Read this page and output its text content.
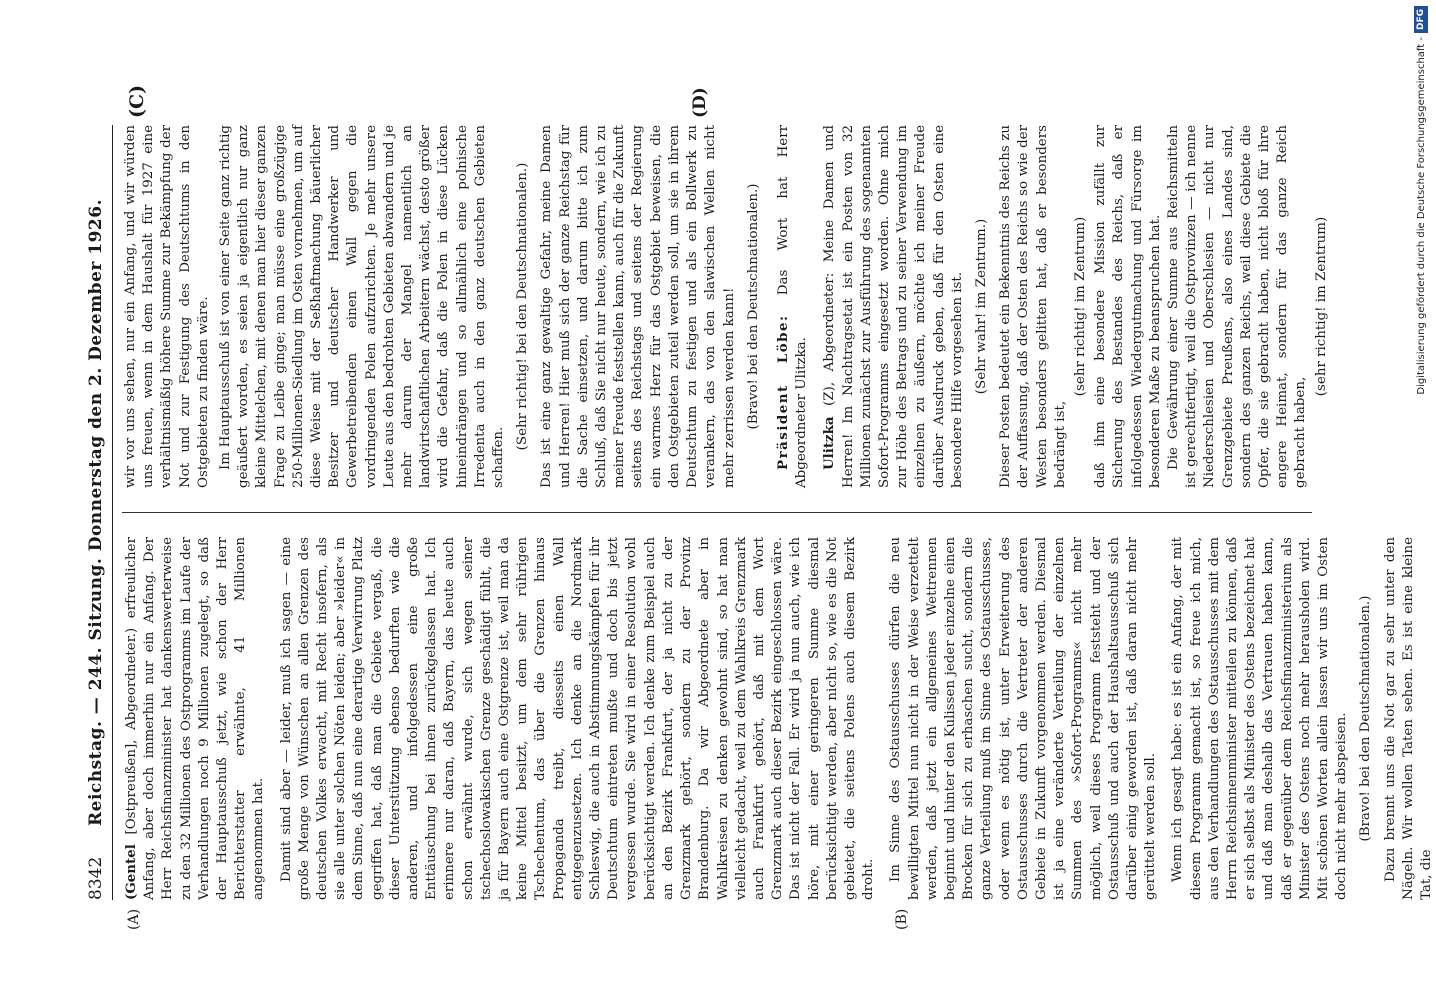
8342
Reichstag. — 244. Sitzung. Donnerstag den 2. Dezember 1926.
(A)	(B)
(C)	(D)

(Gentel [Ostpreußen], Abgeordneter.) erfreulicher Anfang, aber doch immerhin nur ein Anfang. Der Herr Reichsfinanzminister hat dankenswerterweise zu den 32 Millionen des Ostprogramms im Laufe der Verhandlungen noch 9 Millionen zugelegt, so daß der Hauptausschuß jetzt, wie schon der Herr Berichterstatter erwähnte, 41 Millionen angenommen hat. Damit sind aber — leider, muß ich sagen — eine große Menge von Wünschen an allen Grenzen des deutschen Volkes erwacht, mit Recht insofern, als sie alle unter solchen Nöten leiden; aber »leider« in dem Sinne, daß nun eine derartige Verwirrung Platz gegriffen hat, daß man die Gebiete vergaß, die dieser Unterstützung ebenso bedurften wie die anderen, und infolgedessen eine große Enttäuschung bei ihnen zurückgelassen hat. Ich erinnere nur daran, daß Bayern, das heute auch schon erwähnt wurde, sich wegen seiner tschechoslowakischen Grenze geschädigt fühlt, die ja für Bayern auch eine Ostgrenze ist, weil man da keine Mittel besitzt, um dem sehr rührigen Tschechentum, das über die Grenzen hinaus Propaganda treibt, diesseits einen Wall entgegenzusetzen. Ich denke an die Nordmark Schleswig, die auch in Abstimmungskämpfen für ihr Deutschtum eintreten mußte und doch bis jetzt vergessen wurde. Sie wird in einer Resolution wohl berücksichtigt werden. Ich denke zum Beispiel auch an den Bezirk Frankfurt, der ja nicht zu der Grenzmark gehört, sondern zu der Provinz Brandenburg. Da wir Abgeordnete aber in Wahlkreisen zu denken gewohnt sind, so hat man vielleicht gedacht, weil zu dem Wahlkreis Grenzmark auch Frankfurt gehört, daß mit dem Wort Grenzmark auch dieser Bezirk eingeschlossen wäre. Das ist nicht der Fall. Er wird ja nun auch, wie ich höre, mit einer geringeren Summe diesmal berücksichtigt werden, aber nicht so, wie es die Not gebietet, die seitens Polens auch diesem Bezirk droht. Im Sinne des Ostausschusses dürfen die neu bewilligten Mittel nun nicht in der Weise verzettelt werden, daß jetzt ein allgemeines Wettrennen beginnt und hinter den Kulissen jeder einzelne einen Brocken für sich zu erhaschen sucht, sondern die ganze Verteilung muß im Sinne des Ostausschusses, oder wenn es nötig ist, unter Erweiterung des Ostausschusses durch die Vertreter der anderen Gebiete in Zukunft vorgenommen werden. Diesmal ist ja eine veränderte Verteilung der einzelnen Summen des »Sofort-Programms« nicht mehr möglich, weil dieses Programm feststeht und der Ostausschuß und auch der Haushaltsausschuß sich darüber einig geworden ist, daß daran nicht mehr gerüttelt werden soll. Wenn ich gesagt habe: es ist ein Anfang, der mit diesem Programm gemacht ist, so freue ich mich, aus den Verhandlungen des Ostausschusses mit dem Herrn Reichsinnenminister mitteilen zu können, daß er sich selbst als Minister des Ostens bezeichnet hat und daß man deshalb das Vertrauen haben kann, daß er gegenüber dem Reichsfinanzministerium als Minister des Ostens noch mehr herausholen wird. Mit schönen Worten allein lassen wir uns im Osten doch nicht mehr abspeisen. (Bravo! bei den Deutschnationalen.) Dazu brennt uns die Not gar zu sehr unter den Nägeln. Wir wollen Taten sehen. Es ist eine kleine Tat, die

wir vor uns sehen, nur ein Anfang, und wir würden uns freuen, wenn in dem Haushalt für 1927 eine verhältnismäßig höhere Summe zur Bekämpfung der Not und zur Festigung des Deutschtums in den Ostgebieten zu finden wäre. Im Hauptausschuß ist von einer Seite ganz richtig geäußert worden, es seien ja eigentlich nur ganz kleine Mittelchen, mit denen man hier dieser ganzen Frage zu Leibe ginge; man müsse eine großzügige 250-Millionen-Siedlung im Osten vornehmen, um auf diese Weise mit der Seßhaftmachung bäuerlicher Besitzer und deutscher Handwerker und Gewerbetreibenden einen Wall gegen die vordringenden Polen aufzurichten. Je mehr unsere Leute aus den bedrohten Gebieten abwandern und je mehr darum der Mangel namentlich an landwirtschaftlichen Arbeitern wächst, desto größer wird die Gefahr, daß die Polen in diese Lücken hineindrängen und so allmählich eine polnische Irredenta auch in den ganz deutschen Gebieten schaffen.

(Sehr richtig! bei den Deutschnationalen.) Das ist eine ganz gewaltige Gefahr, meine Damen und Herren! Hier muß sich der ganze Reichstag für die Sache einsetzen, und darum bitte ich zum Schluß, daß Sie nicht nur heute, sondern, wie ich zu meiner Freude feststellen kann, auch für die Zukunft seitens des Reichstags und seitens der Regierung ein warmes Herz für das Ostgebiet beweisen, die den Ostgebieten zuteil werden soll, um sie in ihrem Deutschtum zu festigen und als ein Bollwerk zu verankern, das von den slawischen Wellen nicht mehr zerrissen werden kann! (Bravo! bei den Deutschnationalen.) Präsident Löbe: Das Wort hat Herr Abgeordneter Ulitzka. Ulitzka (Z), Abgeordneter: Meine Damen und Herren! Im Nachtragsetat ist ein Posten von 32 Millionen zunächst zur Ausführung des sogenannten Sofort-Programms eingesetzt worden. Ohne mich zur Höhe des Betrags und zu seiner Verwendung im einzelnen zu äußern, möchte ich meiner Freude darüber Ausdruck geben, daß für den Osten eine besondere Hilfe vorgesehen ist. (Sehr wahr! im Zentrum.) Dieser Posten bedeutet ein Bekenntnis des Reichs zu der Auffassung, daß der Osten des Reichs so wie der Westen besonders gelitten hat, daß er besonders bedrängt ist,

(sehr richtig! im Zentrum) daß ihm eine besondere Mission zufällt zur Sicherung des Bestandes des Reichs, daß er infolgedessen Wiedergutmachung und Fürsorge im besonderen Maße zu beanspruchen hat. Die Gewährung einer Summe aus Reichsmitteln ist gerechtfertigt, weil die Ostprovinzen — ich nenne Niederschlesien und Oberschlesien — nicht nur Grenzgebiete Preußens, also eines Landes sind, sondern des ganzen Reichs, weil diese Gebiete die Opfer, die sie gebracht haben, nicht bloß für ihre engere Heimat, sondern für das ganze Reich gebracht haben,

(sehr richtig! im Zentrum)	Digitalisierung gefördert durch die Deutsche Forschungsgemeinschaft -DFG
